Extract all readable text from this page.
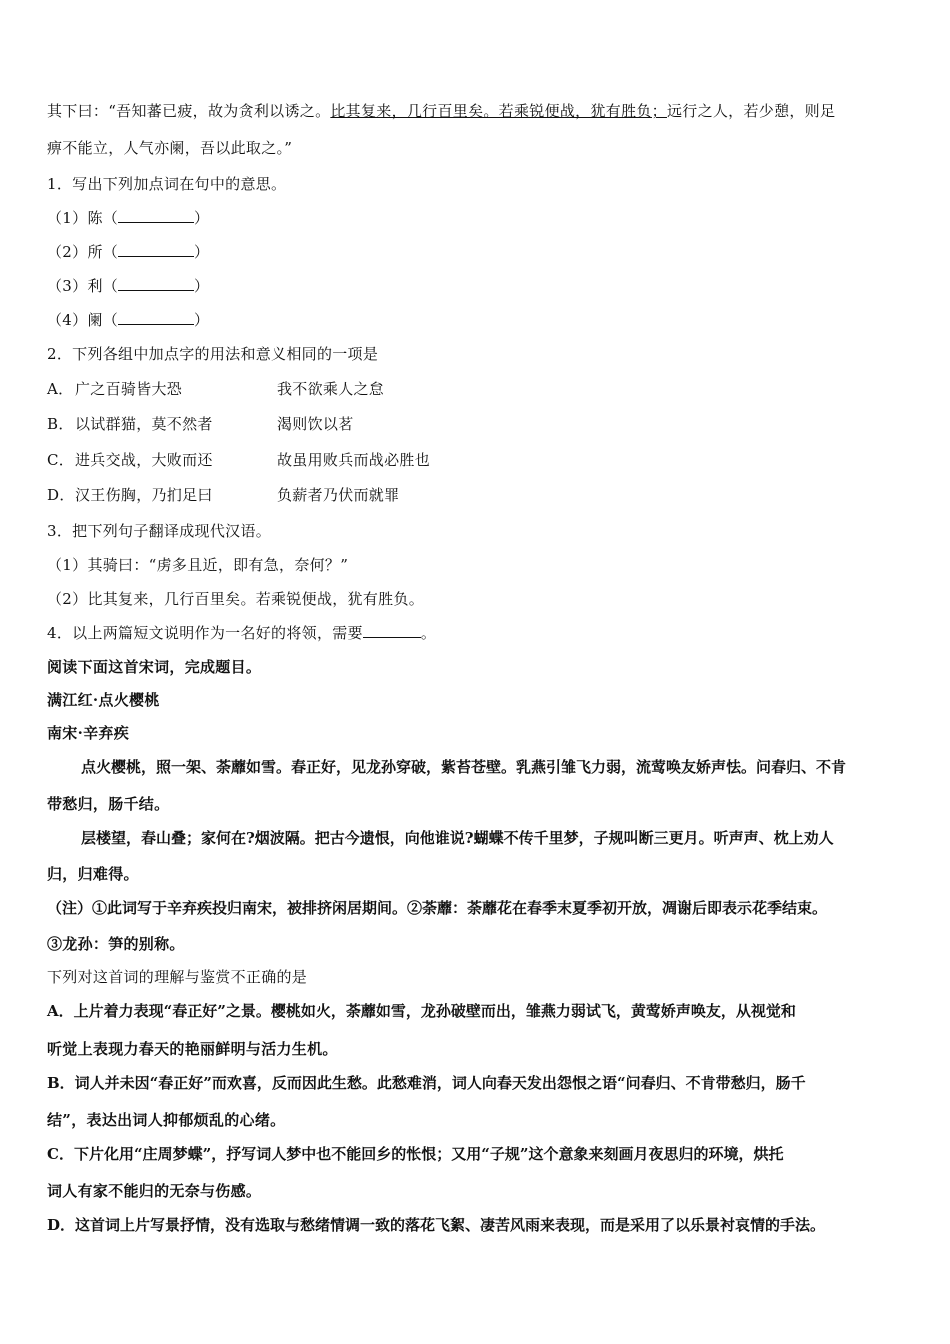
其下曰：“吾知蕃已疲，故为贪利以诱之。比其复来，几行百里矣。若乘锐便战，犹有胜负；远行之人，若少憩，则足
痹不能立，人气亦阑，吾以此取之。”
1．写出下列加点词在句中的意思。
（1）陈（	）
（2）所（	）
（3）利（	）
（4）阑（	）
2．下列各组中加点字的用法和意义相同的一项是
A． 广之百骑皆大恐	我不欲乘人之怠
B．以试群猫，莫不然者	渴则饮以茗
C．进兵交战，大败而还	故虽用败兵而战必胜也
D．汉王伤胸，乃扪足曰	负薪者乃伏而就罪
3．把下列句子翻译成现代汉语。
（1）其骑曰：“虏多且近，即有急，奈何？”
（2）比其复来，几行百里矣。若乘锐便战，犹有胜负。
4．以上两篇短文说明作为一名好的将领，需要	。
阅读下面这首宋词，完成题目。
满江红·点火樱桃
南宋·辛弃疾
点火樱桃，照一架、荼蘼如雪。春正好，见龙孙穿破，紫苔苍壁。乳燕引雏飞力弱，流莺唤友娇声怯。问春归、不肯
带愁归，肠千结。
层楼望，春山叠；家何在?烟波隔。把古今遗恨，向他谁说?蝴蝶不传千里梦，子规叫断三更月。听声声、枕上劝人
归，归难得。
（注）①此词写于辛弃疾投归南宋，被排挤闲居期间。②荼蘼：荼蘼花在春季末夏季初开放，凋谢后即表示花季结束。
③龙孙：笋的别称。
下列对这首词的理解与鉴赏不正确的是
A．上片着力表现“春正好”之景。樱桃如火，荼蘼如雪，龙孙破壁而出，雏燕力弱试飞，黄莺娇声唤友，从视觉和
听觉上表现力春天的艳丽鲜明与活力生机。
B．词人并未因“春正好”而欢喜，反而因此生愁。此愁难消，词人向春天发出怨恨之语“问春归、不肯带愁归，肠千
结”，表达出词人抑郁烦乱的心绪。
C．下片化用“庄周梦蝶”，抒写词人梦中也不能回乡的怅恨；又用“子规”这个意象来刻画月夜思归的环境，烘托
词人有家不能归的无奈与伤感。
D．这首词上片写景抒情，没有选取与愁绪情调一致的落花飞絮、凄苦风雨来表现，而是采用了以乐景衬哀情的手法。
